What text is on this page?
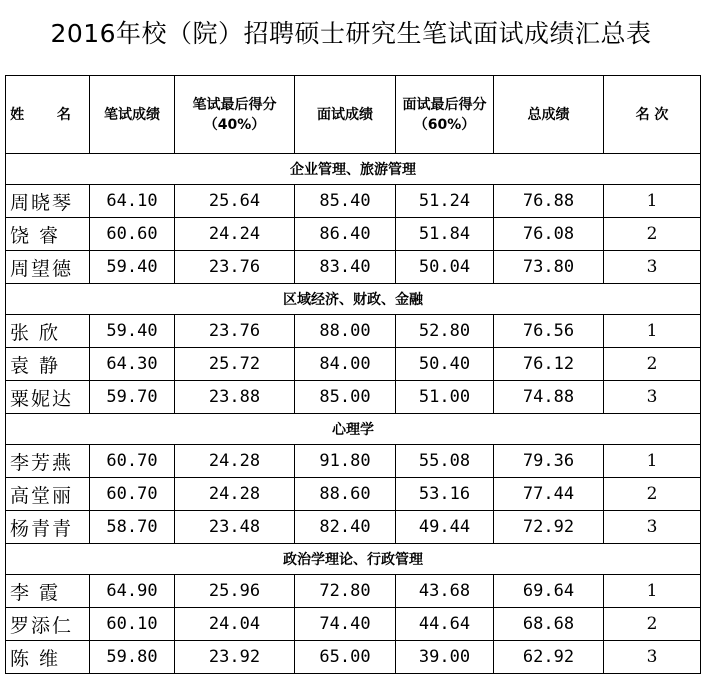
2016年校（院）招聘硕士研究生笔试面试成绩汇总表
姓 名	笔试成绩	笔试最后得分（40%）	面试成绩	面试最后得分（60%）	总成绩	名 次
企业管理、旅游管理						
周晓琴	64.10	25.64	85.40	51.24	76.88	1
饶 睿	60.60	24.24	86.40	51.84	76.08	2
周望德	59.40	23.76	83.40	50.04	73.80	3
区域经济、财政、金融						
张 欣	59.40	23.76	88.00	52.80	76.56	1
袁 静	64.30	25.72	84.00	50.40	76.12	2
粟妮达	59.70	23.88	85.00	51.00	74.88	3
心理学						
李芳燕	60.70	24.28	91.80	55.08	79.36	1
高堂丽	60.70	24.28	88.60	53.16	77.44	2
杨青青	58.70	23.48	82.40	49.44	72.92	3
政治学理论、行政管理						
李 霞	64.90	25.96	72.80	43.68	69.64	1
罗添仁	60.10	24.04	74.40	44.64	68.68	2
陈 维	59.80	23.92	65.00	39.00	62.92	3
